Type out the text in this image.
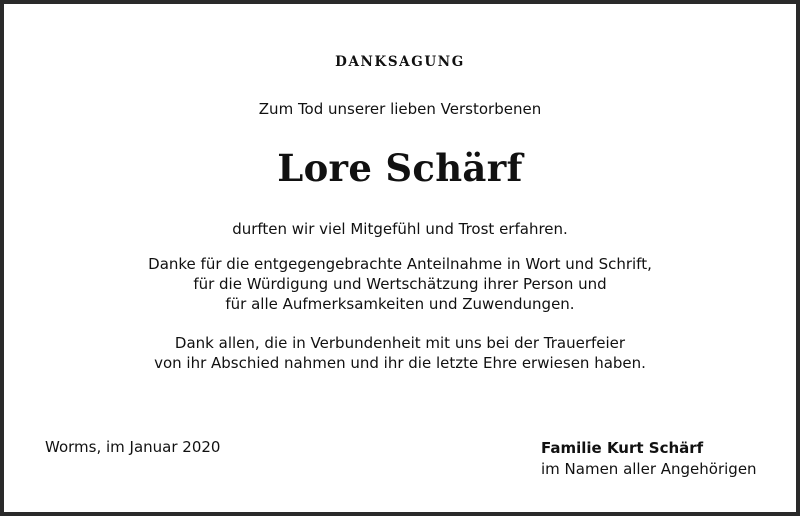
DANKSAGUNG
Zum Tod unserer lieben Verstorbenen
Lore Schärf
durften wir viel Mitgefühl und Trost erfahren.
Danke für die entgegengebrachte Anteilnahme in Wort und Schrift,
für die Würdigung und Wertschätzung ihrer Person und
für alle Aufmerksamkeiten und Zuwendungen.
Dank allen, die in Verbundenheit mit uns bei der Trauerfeier
von ihr Abschied nahmen und ihr die letzte Ehre erwiesen haben.
Worms, im Januar 2020	Familie Kurt Schärf
im Namen aller Angehörigen
